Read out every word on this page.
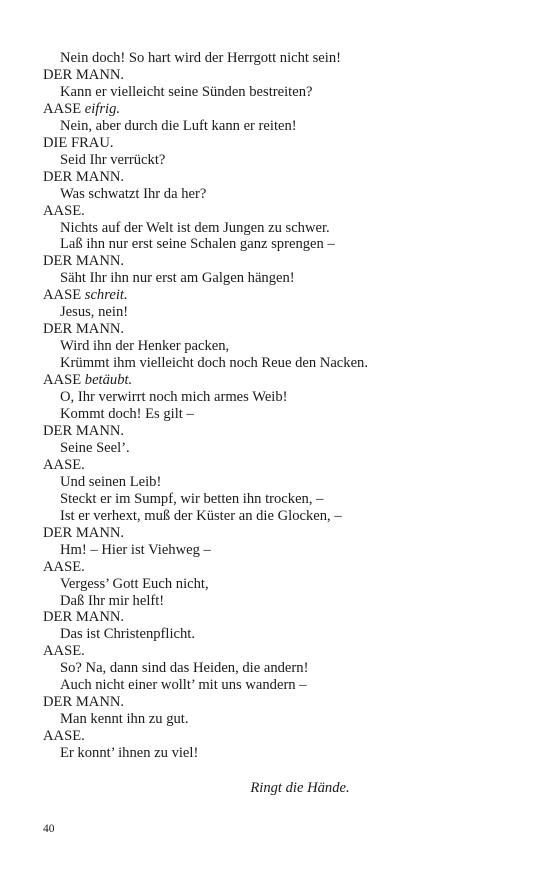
Nein doch! So hart wird der Herrgott nicht sein!
DER MANN.
Kann er vielleicht seine Sünden bestreiten?
AASE eifrig.
Nein, aber durch die Luft kann er reiten!
DIE FRAU.
Seid Ihr verrückt?
DER MANN.
Was schwatzt Ihr da her?
AASE.
Nichts auf der Welt ist dem Jungen zu schwer.
Laß ihn nur erst seine Schalen ganz sprengen –
DER MANN.
Säht Ihr ihn nur erst am Galgen hängen!
AASE schreit.
Jesus, nein!
DER MANN.
Wird ihn der Henker packen,
Krümmt ihm vielleicht doch noch Reue den Nacken.
AASE betäubt.
O, Ihr verwirrt noch mich armes Weib!
Kommt doch! Es gilt –
DER MANN.
Seine Seel’.
AASE.
Und seinen Leib!
Steckt er im Sumpf, wir betten ihn trocken, –
Ist er verhext, muß der Küster an die Glocken, –
DER MANN.
Hm! – Hier ist Viehweg –
AASE.
Vergess’ Gott Euch nicht,
Daß Ihr mir helft!
DER MANN.
Das ist Christenpflicht.
AASE.
So? Na, dann sind das Heiden, die andern!
Auch nicht einer wollt’ mit uns wandern –
DER MANN.
Man kennt ihn zu gut.
AASE.
Er konnt’ ihnen zu viel!
Ringt die Hände.
40
